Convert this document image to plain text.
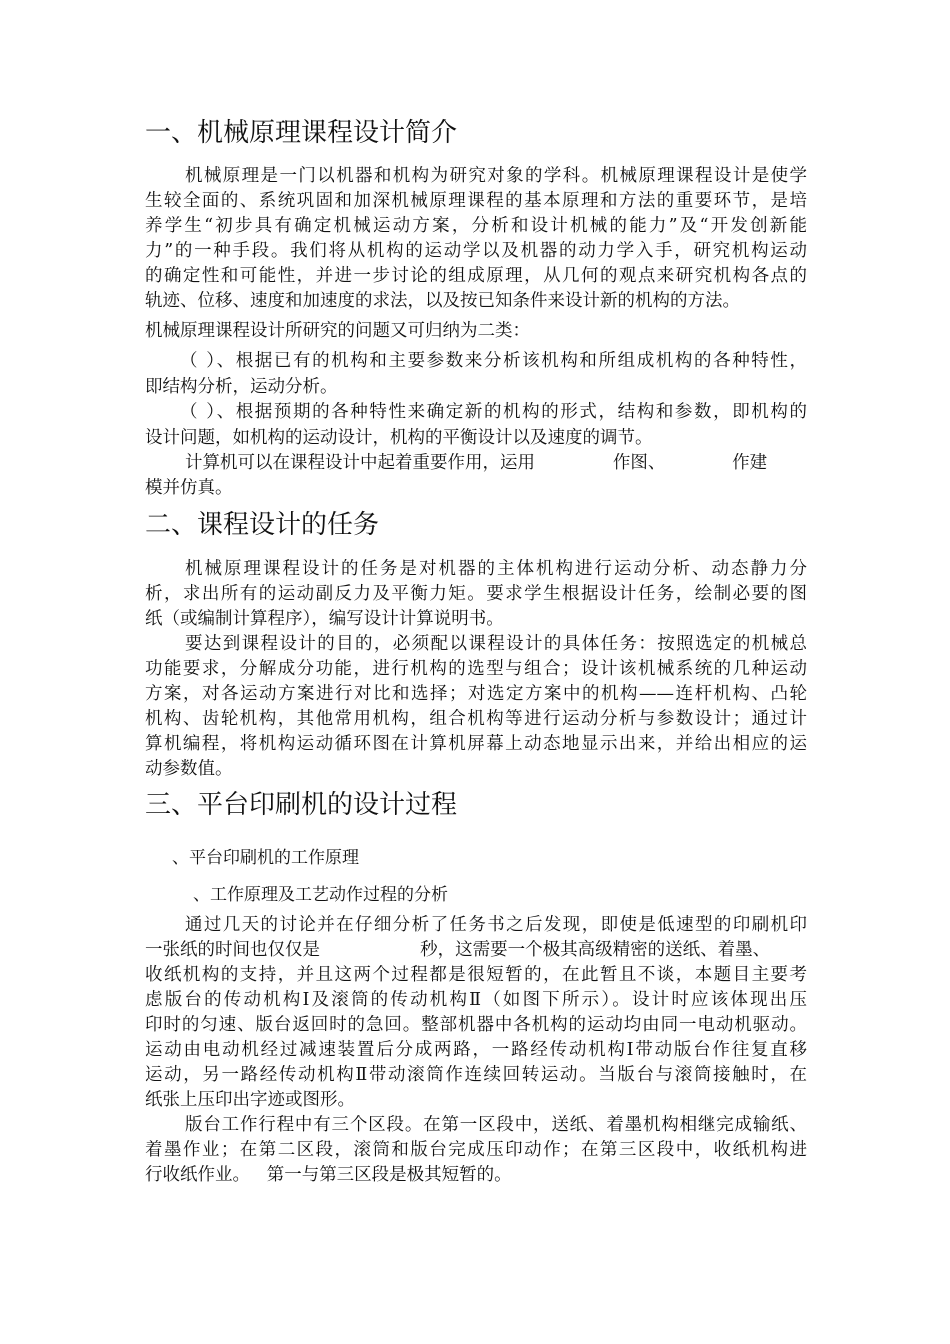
一、机械原理课程设计简介
机械原理是一门以机器和机构为研究对象的学科。机械原理课程设计是使学
生较全面的、系统巩固和加深机械原理课程的基本原理和方法的重要环节，是培
养学生“初步具有确定机械运动方案，分析和设计机械的能力”及“开发创新能
力”的一种手段。我们将从机构的运动学以及机器的动力学入手，研究机构运动
的确定性和可能性，并进一步讨论的组成原理，从几何的观点来研究机构各点的
轨迹、位移、速度和加速度的求法，以及按已知条件来设计新的机构的方法。
机械原理课程设计所研究的问题又可归纳为二类：
（ ）、根据已有的机构和主要参数来分析该机构和所组成机构的各种特性，
即结构分析，运动分析。
（ ）、根据预期的各种特性来确定新的机构的形式，结构和参数，即机构的
设计问题，如机构的运动设计，机构的平衡设计以及速度的调节。
计算机可以在课程设计中起着重要作用，运用              作图、            作建
模并仿真。
二、课程设计的任务
机械原理课程设计的任务是对机器的主体机构进行运动分析、动态静力分
析，求出所有的运动副反力及平衡力矩。要求学生根据设计任务，绘制必要的图
纸（或编制计算程序），编写设计计算说明书。
要达到课程设计的目的，必须配以课程设计的具体任务：按照选定的机械总
功能要求，分解成分功能，进行机构的选型与组合；设计该机械系统的几种运动
方案，对各运动方案进行对比和选择；对选定方案中的机构——连杆机构、凸轮
机构、齿轮机构，其他常用机构，组合机构等进行运动分析与参数设计；通过计
算机编程，将机构运动循环图在计算机屏幕上动态地显示出来，并给出相应的运
动参数值。
三、平台印刷机的设计过程
、平台印刷机的工作原理
、工作原理及工艺动作过程的分析
通过几天的讨论并在仔细分析了任务书之后发现，即使是低速型的印刷机印
一张纸的时间也仅仅是                  秒，这需要一个极其高级精密的送纸、着墨、
收纸机构的支持，并且这两个过程都是很短暂的，在此暂且不谈，本题目主要考
虑版台的传动机构Ⅰ及滚筒的传动机构Ⅱ（如图下所示）。设计时应该体现出压
印时的匀速、版台返回时的急回。整部机器中各机构的运动均由同一电动机驱动。
运动由电动机经过减速装置后分成两路，一路经传动机构Ⅰ带动版台作往复直移
运动，另一路经传动机构Ⅱ带动滚筒作连续回转运动。当版台与滚筒接触时，在
纸张上压印出字迹或图形。
版台工作行程中有三个区段。在第一区段中，送纸、着墨机构相继完成输纸、
着墨作业；在第二区段，滚筒和版台完成压印动作；在第三区段中，收纸机构进
行收纸作业。   第一与第三区段是极其短暂的。
